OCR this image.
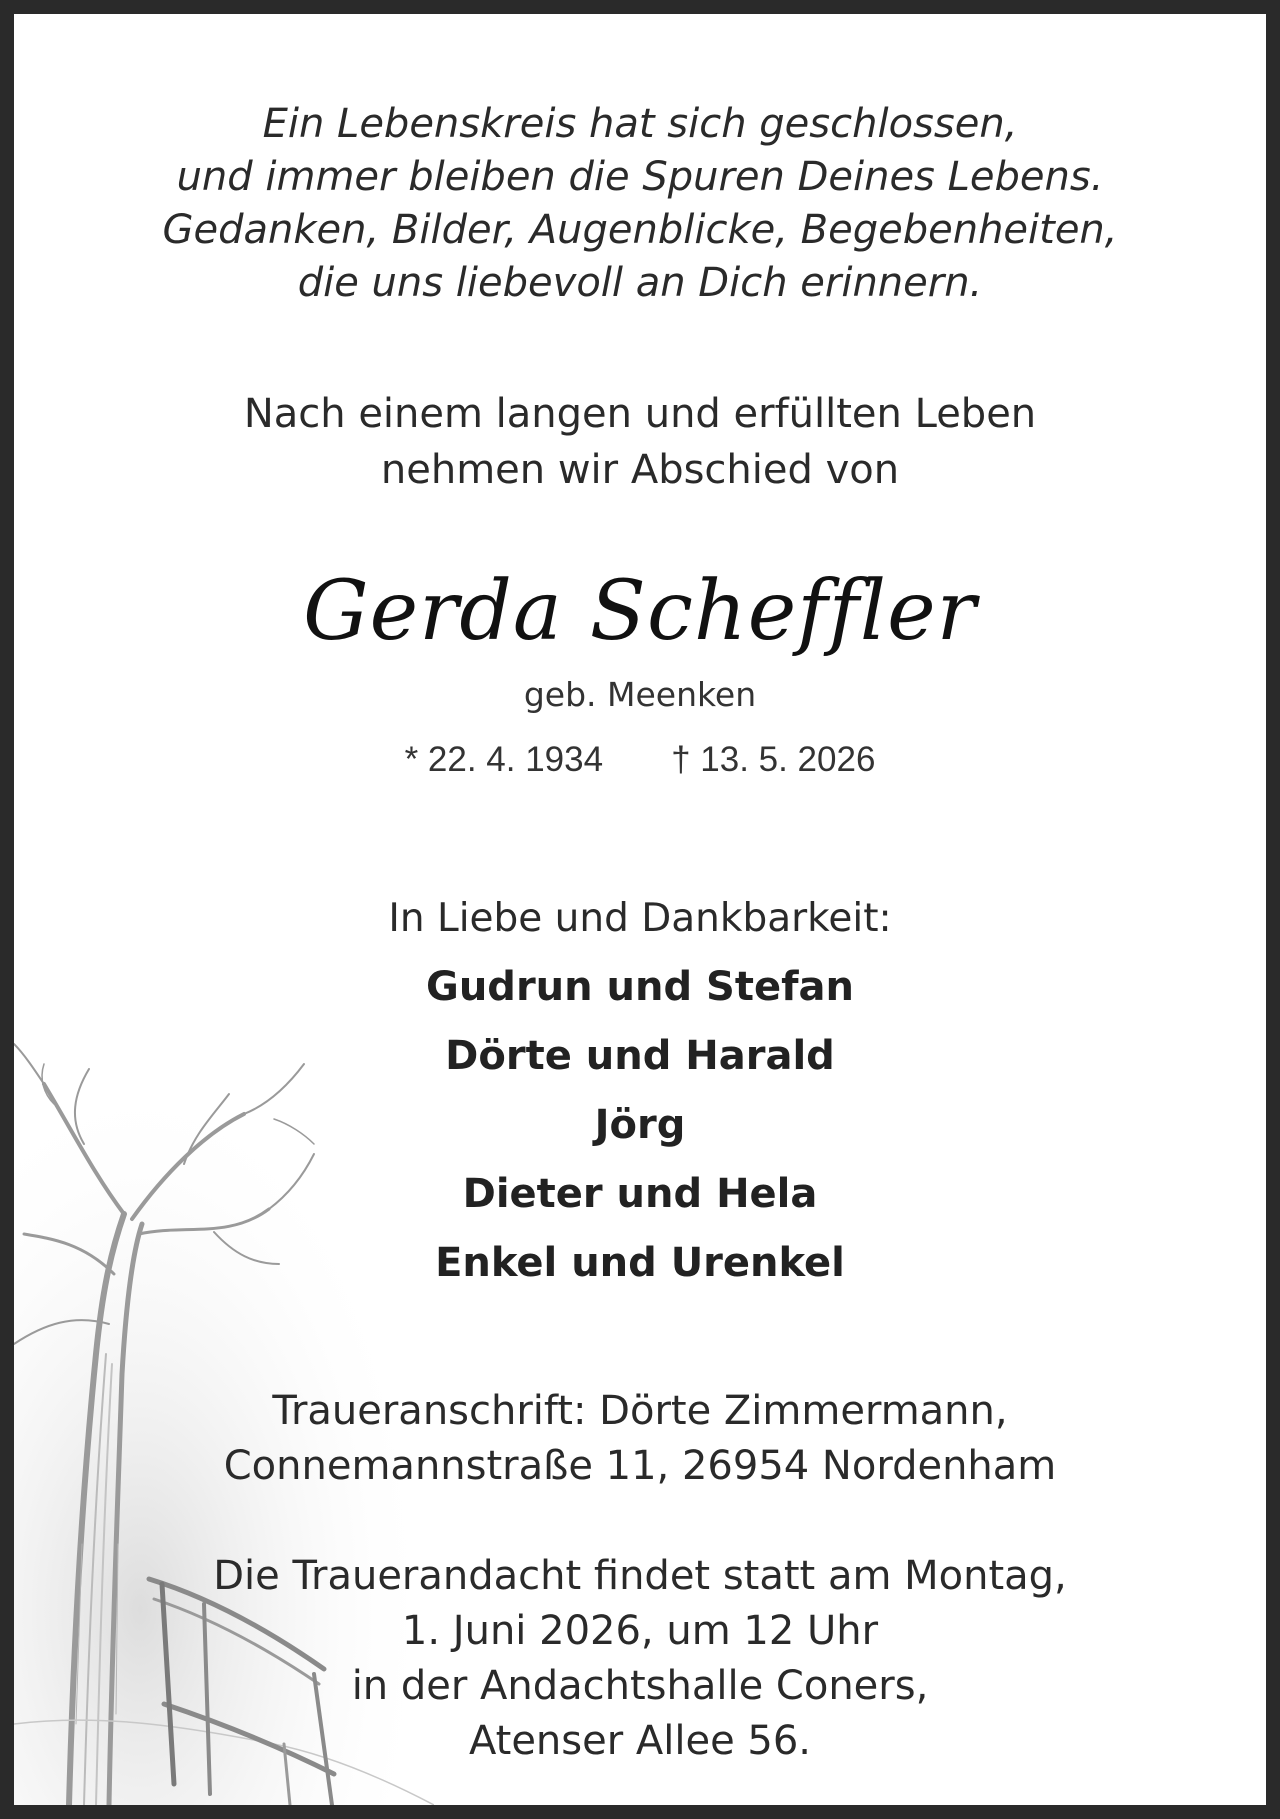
Ein Lebenskreis hat sich geschlossen,
und immer bleiben die Spuren Deines Lebens.
Gedanken, Bilder, Augenblicke, Begebenheiten,
die uns liebevoll an Dich erinnern.
Nach einem langen und erfüllten Leben
nehmen wir Abschied von
Gerda Scheffler
geb. Meenken
* 22. 4. 1934 † 13. 5. 2026
In Liebe und Dankbarkeit:
Gudrun und Stefan
Dörte und Harald
Jörg
Dieter und Hela
Enkel und Urenkel
Traueranschrift: Dörte Zimmermann,
Connemannstraße 11, 26954 Nordenham
Die Trauerandacht findet statt am Montag,
1. Juni 2026, um 12 Uhr
in der Andachtshalle Coners,
Atenser Allee 56.
